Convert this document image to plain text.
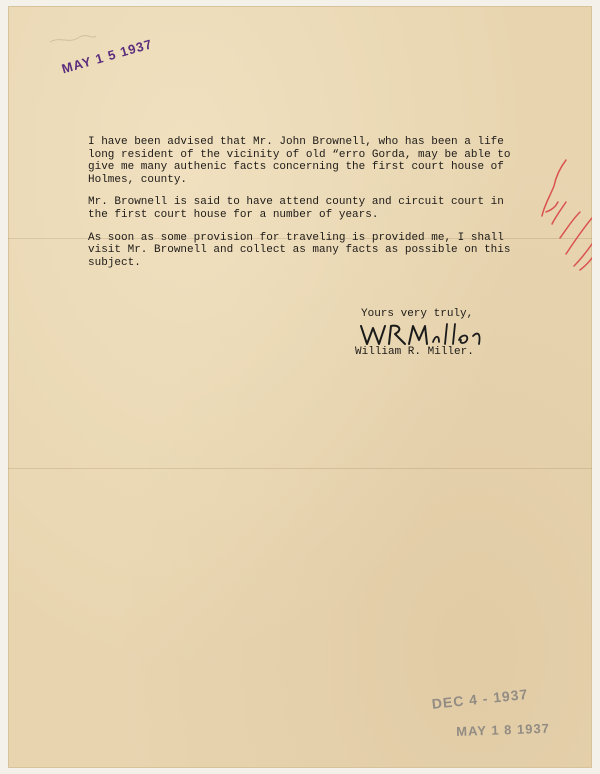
MAY 1 5 1937

I have been advised that Mr. John Brownell, who has been a life
long resident of the vicinity of old “erro Gorda, may be able to
give me many authenic facts concerning the first court house of
Holmes, county.

Mr. Brownell is said to have attend county and circuit court in
the first court house for a number of years.

As soon as some provision for traveling is provided me, I shall
visit Mr. Brownell and collect as many facts as possible on this
subject.

Yours very truly,
William R. Miller.
DEC 4 - 1937
MAY 1 8 1937
